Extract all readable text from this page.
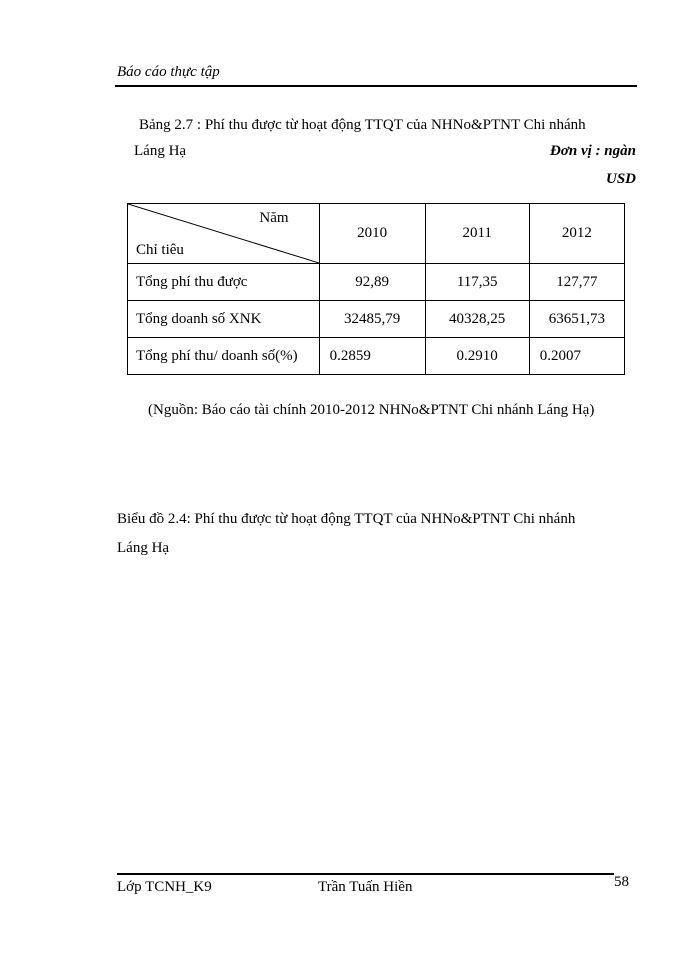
Báo cáo thực tập
Bảng 2.7 : Phí thu được từ hoạt động TTQT của NHNo&PTNT Chi nhánh
Láng Hạ	Đơn vị : ngàn
USD
Năm
Chỉ tiêu	2010	2011	2012
Tổng phí thu được	92,89	117,35	127,77
Tổng doanh số XNK	32485,79	40328,25	63651,73
Tổng phí thu/ doanh số(%)	0.2859	0.2910	0.2007
(Nguồn: Báo cáo tài chính 2010-2012 NHNo&PTNT Chi nhánh Láng Hạ)
Biểu đồ 2.4: Phí thu được từ hoạt động TTQT của NHNo&PTNT Chi nhánh
Láng Hạ
Lớp TCNH_K9	Trần Tuấn Hiền	58
